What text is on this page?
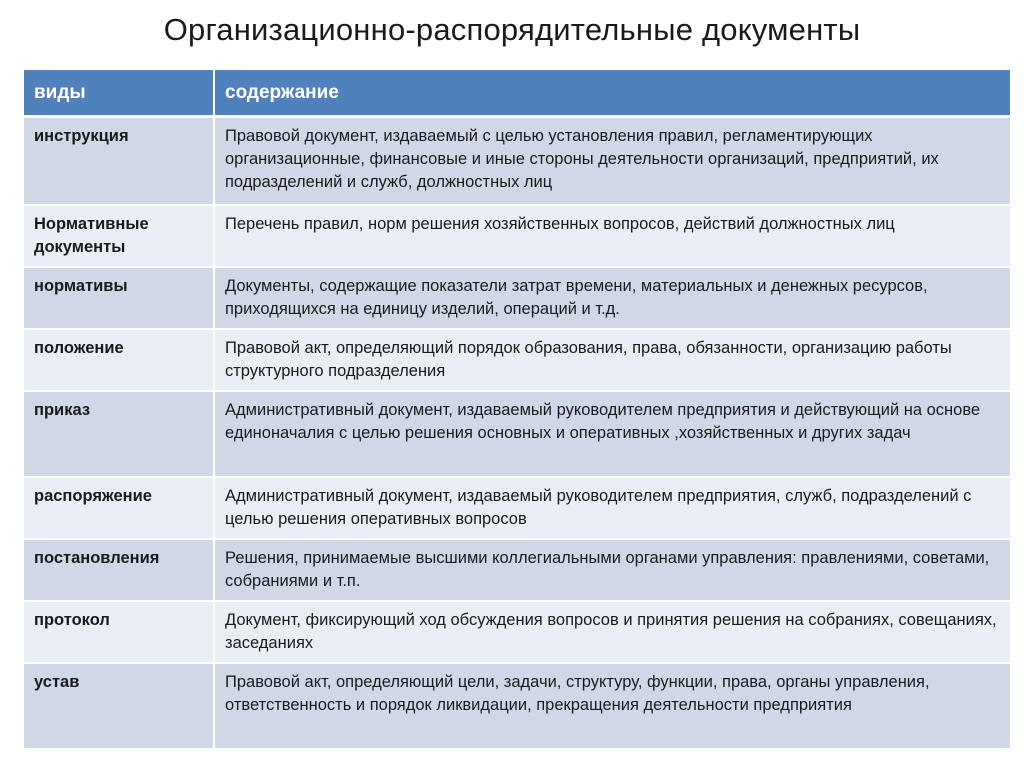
Организационно-распорядительные документы
виды	содержание
инструкция	Правовой документ, издаваемый с целью установления правил, регламентирующих организационные, финансовые и иные стороны деятельности организаций, предприятий, их подразделений и служб, должностных лиц
Нормативные документы	Перечень правил, норм решения хозяйственных вопросов, действий должностных лиц
нормативы	Документы, содержащие показатели затрат времени, материальных и денежных ресурсов, приходящихся на единицу изделий, операций и т.д.
положение	Правовой акт, определяющий порядок образования, права, обязанности, организацию работы структурного подразделения
приказ	Административный документ, издаваемый руководителем предприятия и действующий на основе единоначалия с целью решения основных и оперативных ,хозяйственных и других задач
распоряжение	Административный документ, издаваемый руководителем предприятия, служб, подразделений с целью решения оперативных вопросов
постановления	Решения, принимаемые высшими коллегиальными органами управления: правлениями, советами, собраниями и т.п.
протокол	Документ, фиксирующий ход обсуждения вопросов и принятия решения на собраниях, совещаниях, заседаниях
устав	Правовой акт, определяющий цели, задачи, структуру, функции, права, органы управления, ответственность и порядок ликвидации, прекращения деятельности предприятия
